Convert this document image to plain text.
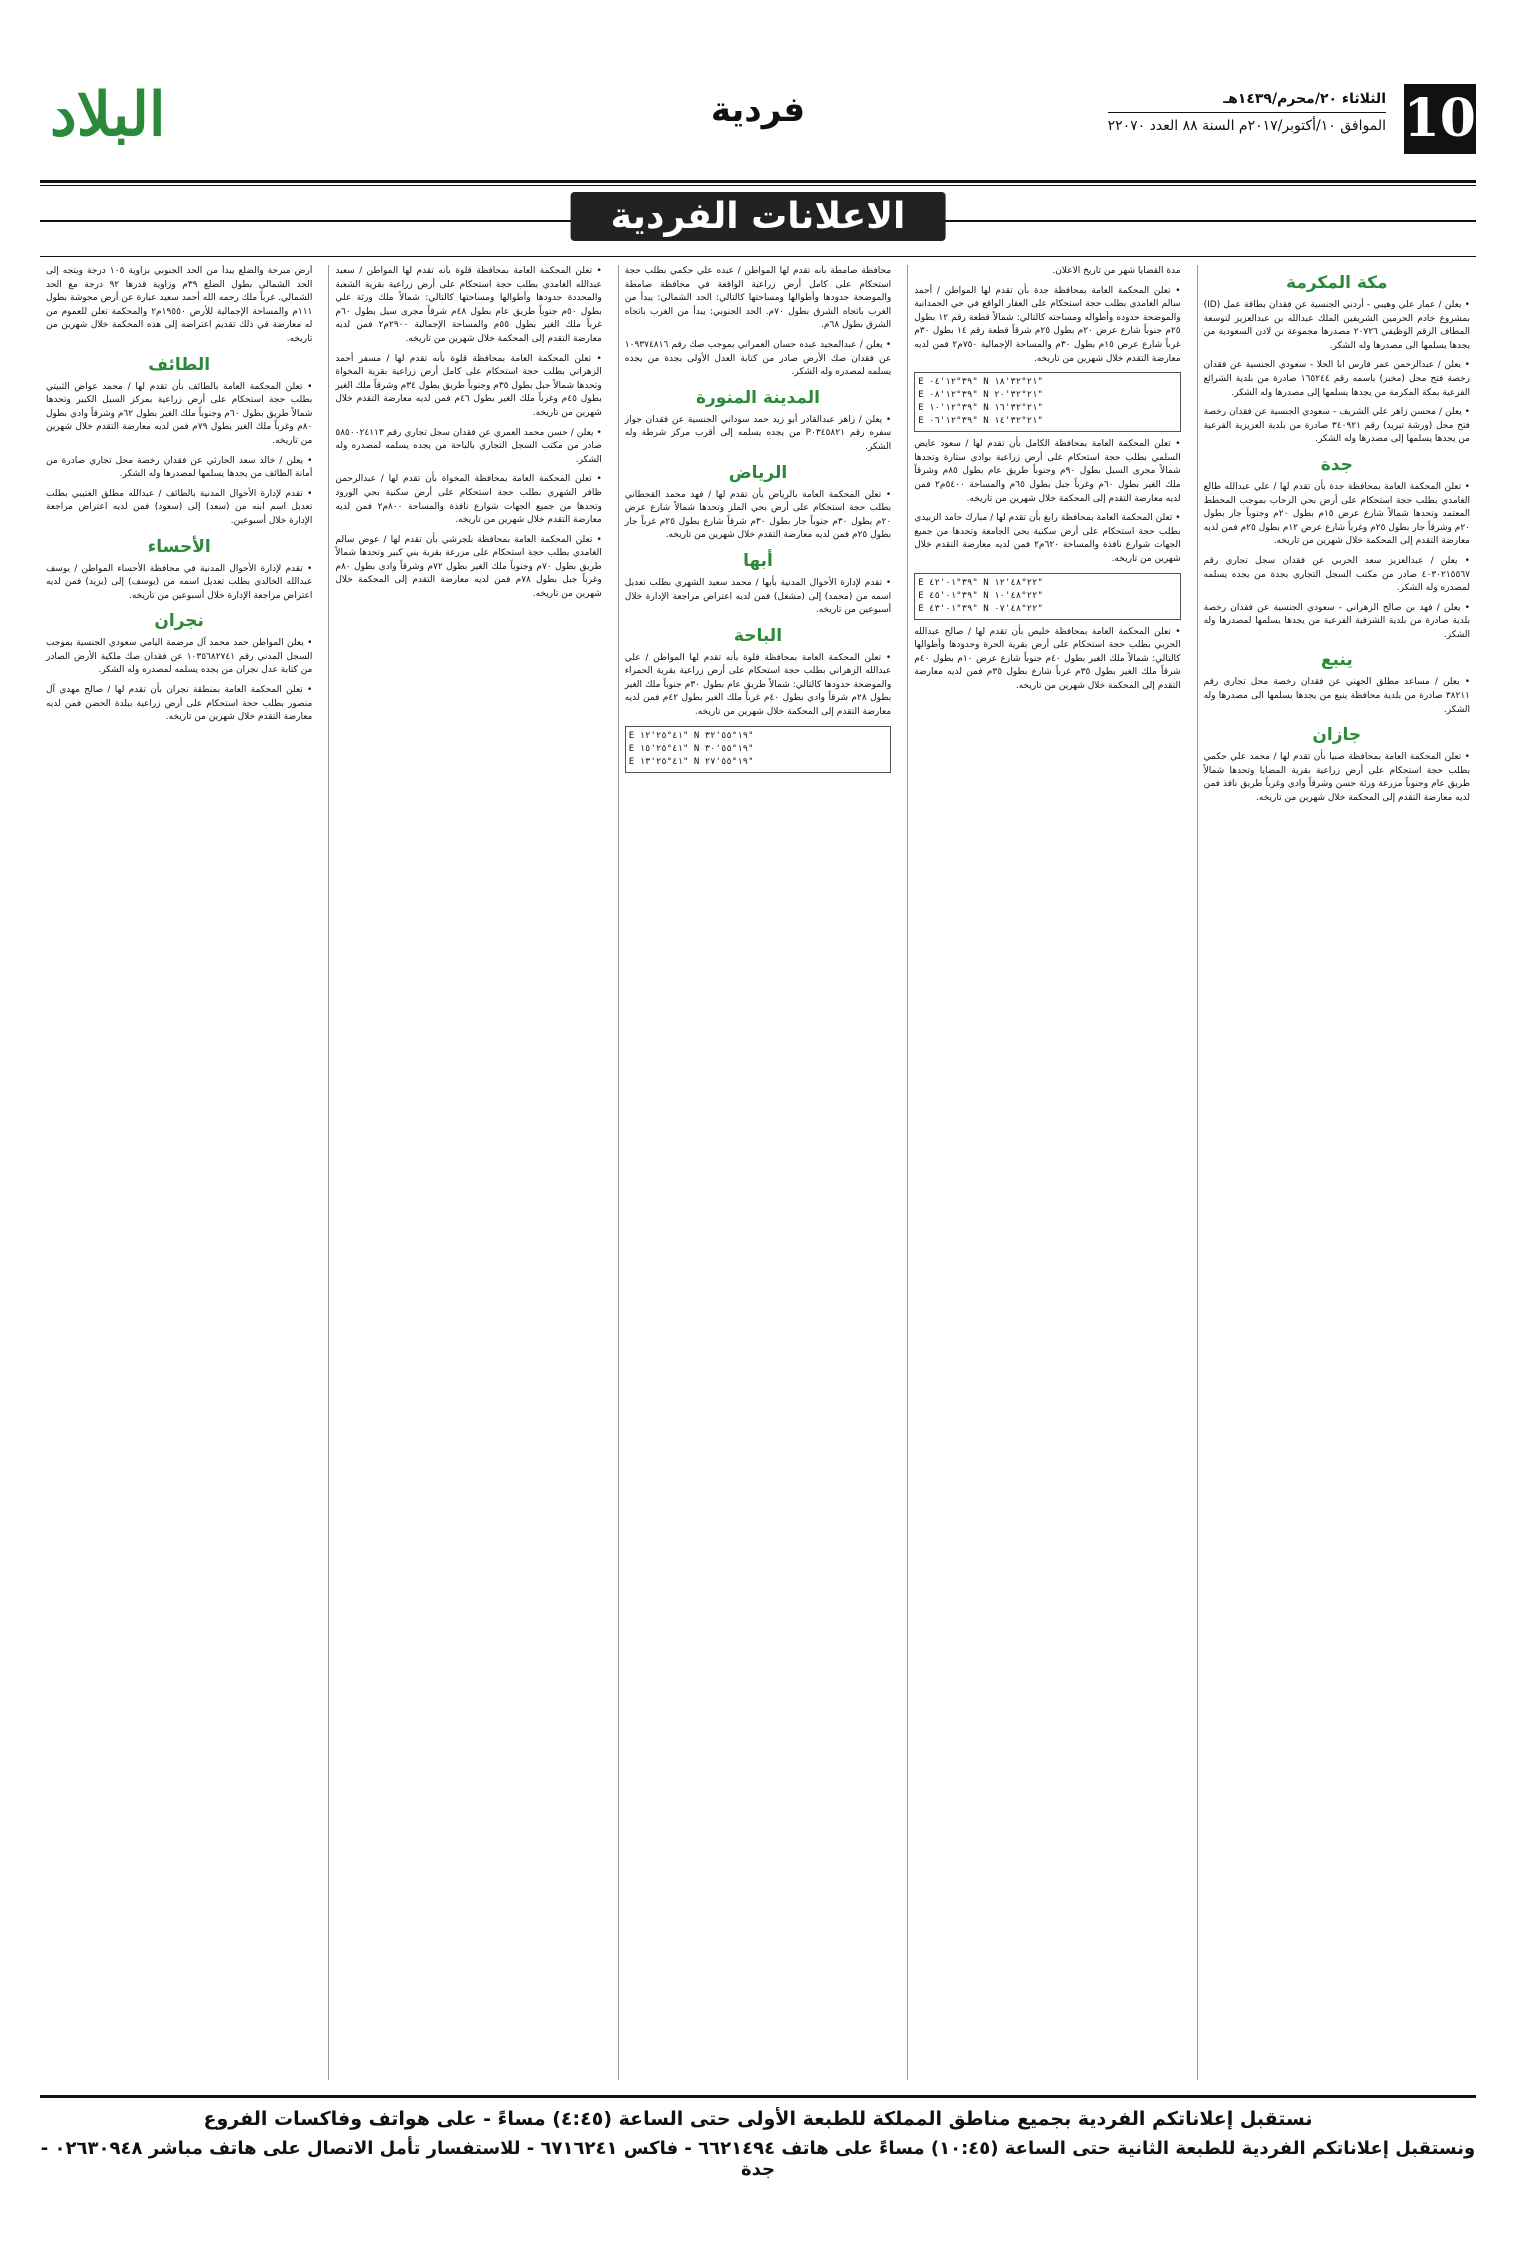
10
الثلاثاء ٢٠/محرم/١٤٣٩هـ
الموافق ١٠/أكتوبر/٢٠١٧م السنة ٨٨ العدد ٢٢٠٧٠
فردية
البلاد
الاعلانات الفردية
مكة المكرمة

• يعلن / عمار علي وهيبي - أردني الجنسية عن فقدان بطاقة عمل (ID) بمشروع خادم الحرمين الشريفين الملك عبدالله بن عبدالعزيز لتوسعة المطاف الرقم الوظيفي ٢٠٧٢٦ مصدرها مجموعة بن لادن السعودية من يجدها يسلمها الى مصدرها وله الشكر.

• يعلن / عبدالرحمن عمر فارس ابا الحلا - سعودي الجنسية عن فقدان رخصة فتح محل (مخبز) باسمه رقم ١٦٥٢٤٤ صادرة من بلدية الشرائع الفرعية بمكة المكرمة من يجدها يسلمها إلى مصدرها وله الشكر.

• يعلن / محسن زاهر علي الشريف - سعودي الجنسية عن فقدان رخصة فتح محل (ورشة تبريد) رقم ٣٤٠٩٢١ صادرة من بلدية العزيزية الفرعية من يجدها يسلمها إلى مصدرها وله الشكر.

جدة

• تعلن المحكمة العامة بمحافظة جدة بأن تقدم لها / علي عبدالله طالع الغامدي بطلب حجة استحكام على أرض بحي الرحاب بموجب المخطط المعتمد وتحدها شمالاً شارع عرض ١٥م بطول ٢٠م وجنوباً جار بطول ٢٠م وشرقاً جار بطول ٢٥م وغرباً شارع عرض ١٢م بطول ٢٥م فمن لديه معارضة التقدم إلى المحكمة خلال شهرين من تاريخه.

• يعلن / عبدالعزيز سعد الحربي عن فقدان سجل تجاري رقم ٤٠٣٠٢١٥٥٦٧ صادر من مكتب السجل التجاري بجدة من يجده يسلمه لمصدره وله الشكر.

• يعلن / فهد بن صالح الزهراني - سعودي الجنسية عن فقدان رخصة بلدية صادرة من بلدية الشرفية الفرعية من يجدها يسلمها لمصدرها وله الشكر.

ينبع

• يعلن / مساعد مطلق الجهني عن فقدان رخصة محل تجاري رقم ٣٨٢١١ صادرة من بلدية محافظة ينبع من يجدها يسلمها الى مصدرها وله الشكر.

جازان

• تعلن المحكمة العامة بمحافظة صبيا بأن تقدم لها / محمد علي حكمي بطلب حجة استحكام على أرض زراعية بقرية المضايا وتحدها شمالاً طريق عام وجنوباً مزرعة ورثة حسن وشرقاً وادي وغرباً طريق نافذ فمن لديه معارضة التقدم إلى المحكمة خلال شهرين من تاريخه.

مدة القضايا شهر من تاريخ الاعلان.

• تعلن المحكمة العامة بمحافظة جدة بأن تقدم لها المواطن / أحمد سالم الغامدي بطلب حجة استحكام على العقار الواقع في حي الحمدانية والموضحة حدوده وأطواله ومساحته كالتالي: شمالاً قطعة رقم ١٢ بطول ٢٥م جنوباً شارع عرض ٢٠م بطول ٢٥م شرقاً قطعة رقم ١٤ بطول ٣٠م غرباً شارع عرض ١٥م بطول ٣٠م والمساحة الإجمالية ٧٥٠م٢ فمن لديه معارضة التقدم خلال شهرين من تاريخه.

E ٣٩°١٢'٠٤" N ٢١°٣٢'١٨"
E ٣٩°١٢'٠٨" N ٢١°٣٢'٢٠"
E ٣٩°١٢'١٠" N ٢١°٣٢'١٦"
E ٣٩°١٢'٠٦" N ٢١°٣٢'١٤"

• تعلن المحكمة العامة بمحافظة الكامل بأن تقدم لها / سعود عايض السلمي بطلب حجة استحكام على أرض زراعية بوادي ستارة وتحدها شمالاً مجرى السيل بطول ٩٠م وجنوباً طريق عام بطول ٨٥م وشرقاً ملك الغير بطول ٦٠م وغرباً جبل بطول ٦٥م والمساحة ٥٤٠٠م٢ فمن لديه معارضة التقدم إلى المحكمة خلال شهرين من تاريخه.

• تعلن المحكمة العامة بمحافظة رابغ بأن تقدم لها / مبارك حامد الزبيدي بطلب حجة استحكام على أرض سكنية بحي الجامعة وتحدها من جميع الجهات شوارع نافذة والمساحة ٦٢٠م٢ فمن لديه معارضة التقدم خلال شهرين من تاريخه.

E ٣٩°٠١'٤٢" N ٢٢°٤٨'١٢"
E ٣٩°٠١'٤٥" N ٢٢°٤٨'١٠"
E ٣٩°٠١'٤٣" N ٢٢°٤٨'٠٧"

• تعلن المحكمة العامة بمحافظة خليص بأن تقدم لها / صالح عبدالله الحربي بطلب حجة استحكام على أرض بقرية الحرة وحدودها وأطوالها كالتالي: شمالاً ملك الغير بطول ٤٠م جنوباً شارع عرض ١٠م بطول ٤٠م شرقاً ملك الغير بطول ٣٥م غرباً شارع بطول ٣٥م فمن لديه معارضة التقدم إلى المحكمة خلال شهرين من تاريخه.

محافظة صامطة بأنه تقدم لها المواطن / عبده علي حكمي بطلب حجة استحكام على كامل أرض زراعية الواقعة في محافظة صامطة والموضحة حدودها وأطوالها ومساحتها كالتالي: الحد الشمالي: يبدأ من الغرب باتجاه الشرق بطول ٧٠م. الحد الجنوبي: يبدأ من الغرب باتجاه الشرق بطول ٦٨م.

• يعلن / عبدالمجيد عبده حسان العمراني بموجب صك رقم ١٠٩٣٧٤٨١٦ عن فقدان صك الأرض صادر من كتابة العدل الأولى بجدة من يجده يسلمه لمصدره وله الشكر.

المدينة المنورة

• يعلن / زاهر عبدالقادر أبو زيد حمد سوداني الجنسية عن فقدان جواز سفره رقم P٠٣٤٥٨٢١ من يجده يسلمه إلى أقرب مركز شرطة وله الشكر.

الرياض

• تعلن المحكمة العامة بالرياض بأن تقدم لها / فهد محمد القحطاني بطلب حجة استحكام على أرض بحي الملز وتحدها شمالاً شارع عرض ٢٠م بطول ٣٠م جنوباً جار بطول ٣٠م شرقاً شارع بطول ٢٥م غرباً جار بطول ٢٥م فمن لديه معارضة التقدم خلال شهرين من تاريخه.

أبها

• تقدم لإدارة الأحوال المدنية بأبها / محمد سعيد الشهري بطلب تعديل اسمه من (محمد) إلى (مشعل) فمن لديه اعتراض مراجعة الإدارة خلال أسبوعين من تاريخه.

الباحة

• تعلن المحكمة العامة بمحافظة قلوة بأنه تقدم لها المواطن / علي عبدالله الزهراني بطلب حجة استحكام على أرض زراعية بقرية الحمراء والموضحة حدودها كالتالي: شمالاً طريق عام بطول ٣٠م جنوباً ملك الغير بطول ٢٨م شرقاً وادي بطول ٤٠م غرباً ملك الغير بطول ٤٢م فمن لديه معارضة التقدم إلى المحكمة خلال شهرين من تاريخه.

E ٤١°٢٥'١٢" N ١٩°٥٥'٣٢"
E ٤١°٢٥'١٥" N ١٩°٥٥'٣٠"
E ٤١°٢٥'١٣" N ١٩°٥٥'٢٧"

• تعلن المحكمة العامة بمحافظة قلوة بأنه تقدم لها المواطن / سعيد عبدالله الغامدي بطلب حجة استحكام على أرض زراعية بقرية الشعبة والمحددة حدودها وأطوالها ومساحتها كالتالي: شمالاً ملك ورثة علي بطول ٥٠م جنوباً طريق عام بطول ٤٨م شرقاً مجرى سيل بطول ٦٠م غرباً ملك الغير بطول ٥٥م والمساحة الإجمالية ٢٩٠٠م٢ فمن لديه معارضة التقدم إلى المحكمة خلال شهرين من تاريخه.

• تعلن المحكمة العامة بمحافظة قلوة بأنه تقدم لها / مسفر أحمد الزهراني بطلب حجة استحكام على كامل أرض زراعية بقرية المخواة وتحدها شمالاً جبل بطول ٣٥م وجنوباً طريق بطول ٣٤م وشرقاً ملك الغير بطول ٤٥م وغرباً ملك الغير بطول ٤٦م فمن لديه معارضة التقدم خلال شهرين من تاريخه.

• يعلن / حسن محمد العمري عن فقدان سجل تجاري رقم ٥٨٥٠٠٢٤١١٣ صادر من مكتب السجل التجاري بالباحة من يجده يسلمه لمصدره وله الشكر.

• تعلن المحكمة العامة بمحافظة المخواة بأن تقدم لها / عبدالرحمن ظافر الشهري بطلب حجة استحكام على أرض سكنية بحي الورود وتحدها من جميع الجهات شوارع نافذة والمساحة ٨٠٠م٢ فمن لديه معارضة التقدم خلال شهرين من تاريخه.

• تعلن المحكمة العامة بمحافظة بلجرشي بأن تقدم لها / عوض سالم الغامدي بطلب حجة استحكام على مزرعة بقرية بني كبير وتحدها شمالاً طريق بطول ٧٠م وجنوباً ملك الغير بطول ٧٢م وشرقاً وادي بطول ٨٠م وغرباً جبل بطول ٧٨م فمن لديه معارضة التقدم إلى المحكمة خلال شهرين من تاريخه.

أرض مبرحة والضلع يبدأ من الحد الجنوبي بزاوية ١٠٥ درجة ويتجه إلى الحد الشمالي بطول الضلع ٣٩م وزاوية قدرها ٩٢ درجة مع الحد الشمالي. غرباً ملك رحمه الله أحمد سعيد عبارة عن أرض محوشة بطول ١١١م والمساحة الإجمالية للأرض ١٩٥٥٠م٢ والمحكمة تعلن للعموم من له معارضة في ذلك تقديم اعتراضه إلى هذه المحكمة خلال شهرين من تاريخه.

الطائف

• تعلن المحكمة العامة بالطائف بأن تقدم لها / محمد عواض الثبيتي بطلب حجة استحكام على أرض زراعية بمركز السيل الكبير وتحدها شمالاً طريق بطول ٦٠م وجنوباً ملك الغير بطول ٦٢م وشرقاً وادي بطول ٨٠م وغرباً ملك الغير بطول ٧٩م فمن لديه معارضة التقدم خلال شهرين من تاريخه.

• يعلن / خالد سعد الحارثي عن فقدان رخصة محل تجاري صادرة من أمانة الطائف من يجدها يسلمها لمصدرها وله الشكر.

• تقدم لإدارة الأحوال المدنية بالطائف / عبدالله مطلق العتيبي بطلب تعديل اسم ابنه من (سعد) إلى (سعود) فمن لديه اعتراض مراجعة الإدارة خلال أسبوعين.

الأحساء

• تقدم لإدارة الأحوال المدنية في محافظة الأحساء المواطن / يوسف عبدالله الخالدي بطلب تعديل اسمه من (يوسف) إلى (يزيد) فمن لديه اعتراض مراجعة الإدارة خلال أسبوعين من تاريخه.

نجران

• يعلن المواطن حمد محمد آل مرضمة اليامي سعودي الجنسية بموجب السجل المدني رقم ١٠٣٥٦٨٢٧٤١ عن فقدان صك ملكية الأرض الصادر من كتابة عدل نجران من يجده يسلمه لمصدره وله الشكر.

• تعلن المحكمة العامة بمنطقة نجران بأن تقدم لها / صالح مهدي آل منصور بطلب حجة استحكام على أرض زراعية ببلدة الحضن فمن لديه معارضة التقدم خلال شهرين من تاريخه.

نستقبل إعلاناتكم الفردية بجميع مناطق المملكة للطبعة الأولى حتى الساعة (٤:٤٥) مساءً - على هواتف وفاكسات الفروع
ونستقبل إعلاناتكم الفردية للطبعة الثانية حتى الساعة (١٠:٤٥) مساءً على هاتف ٦٦٢١٤٩٤ - فاكس ٦٧١٦٢٤١ - للاستفسار تأمل الاتصال على هاتف مباشر ٠٢٦٣٠٩٤٨ - جدة
